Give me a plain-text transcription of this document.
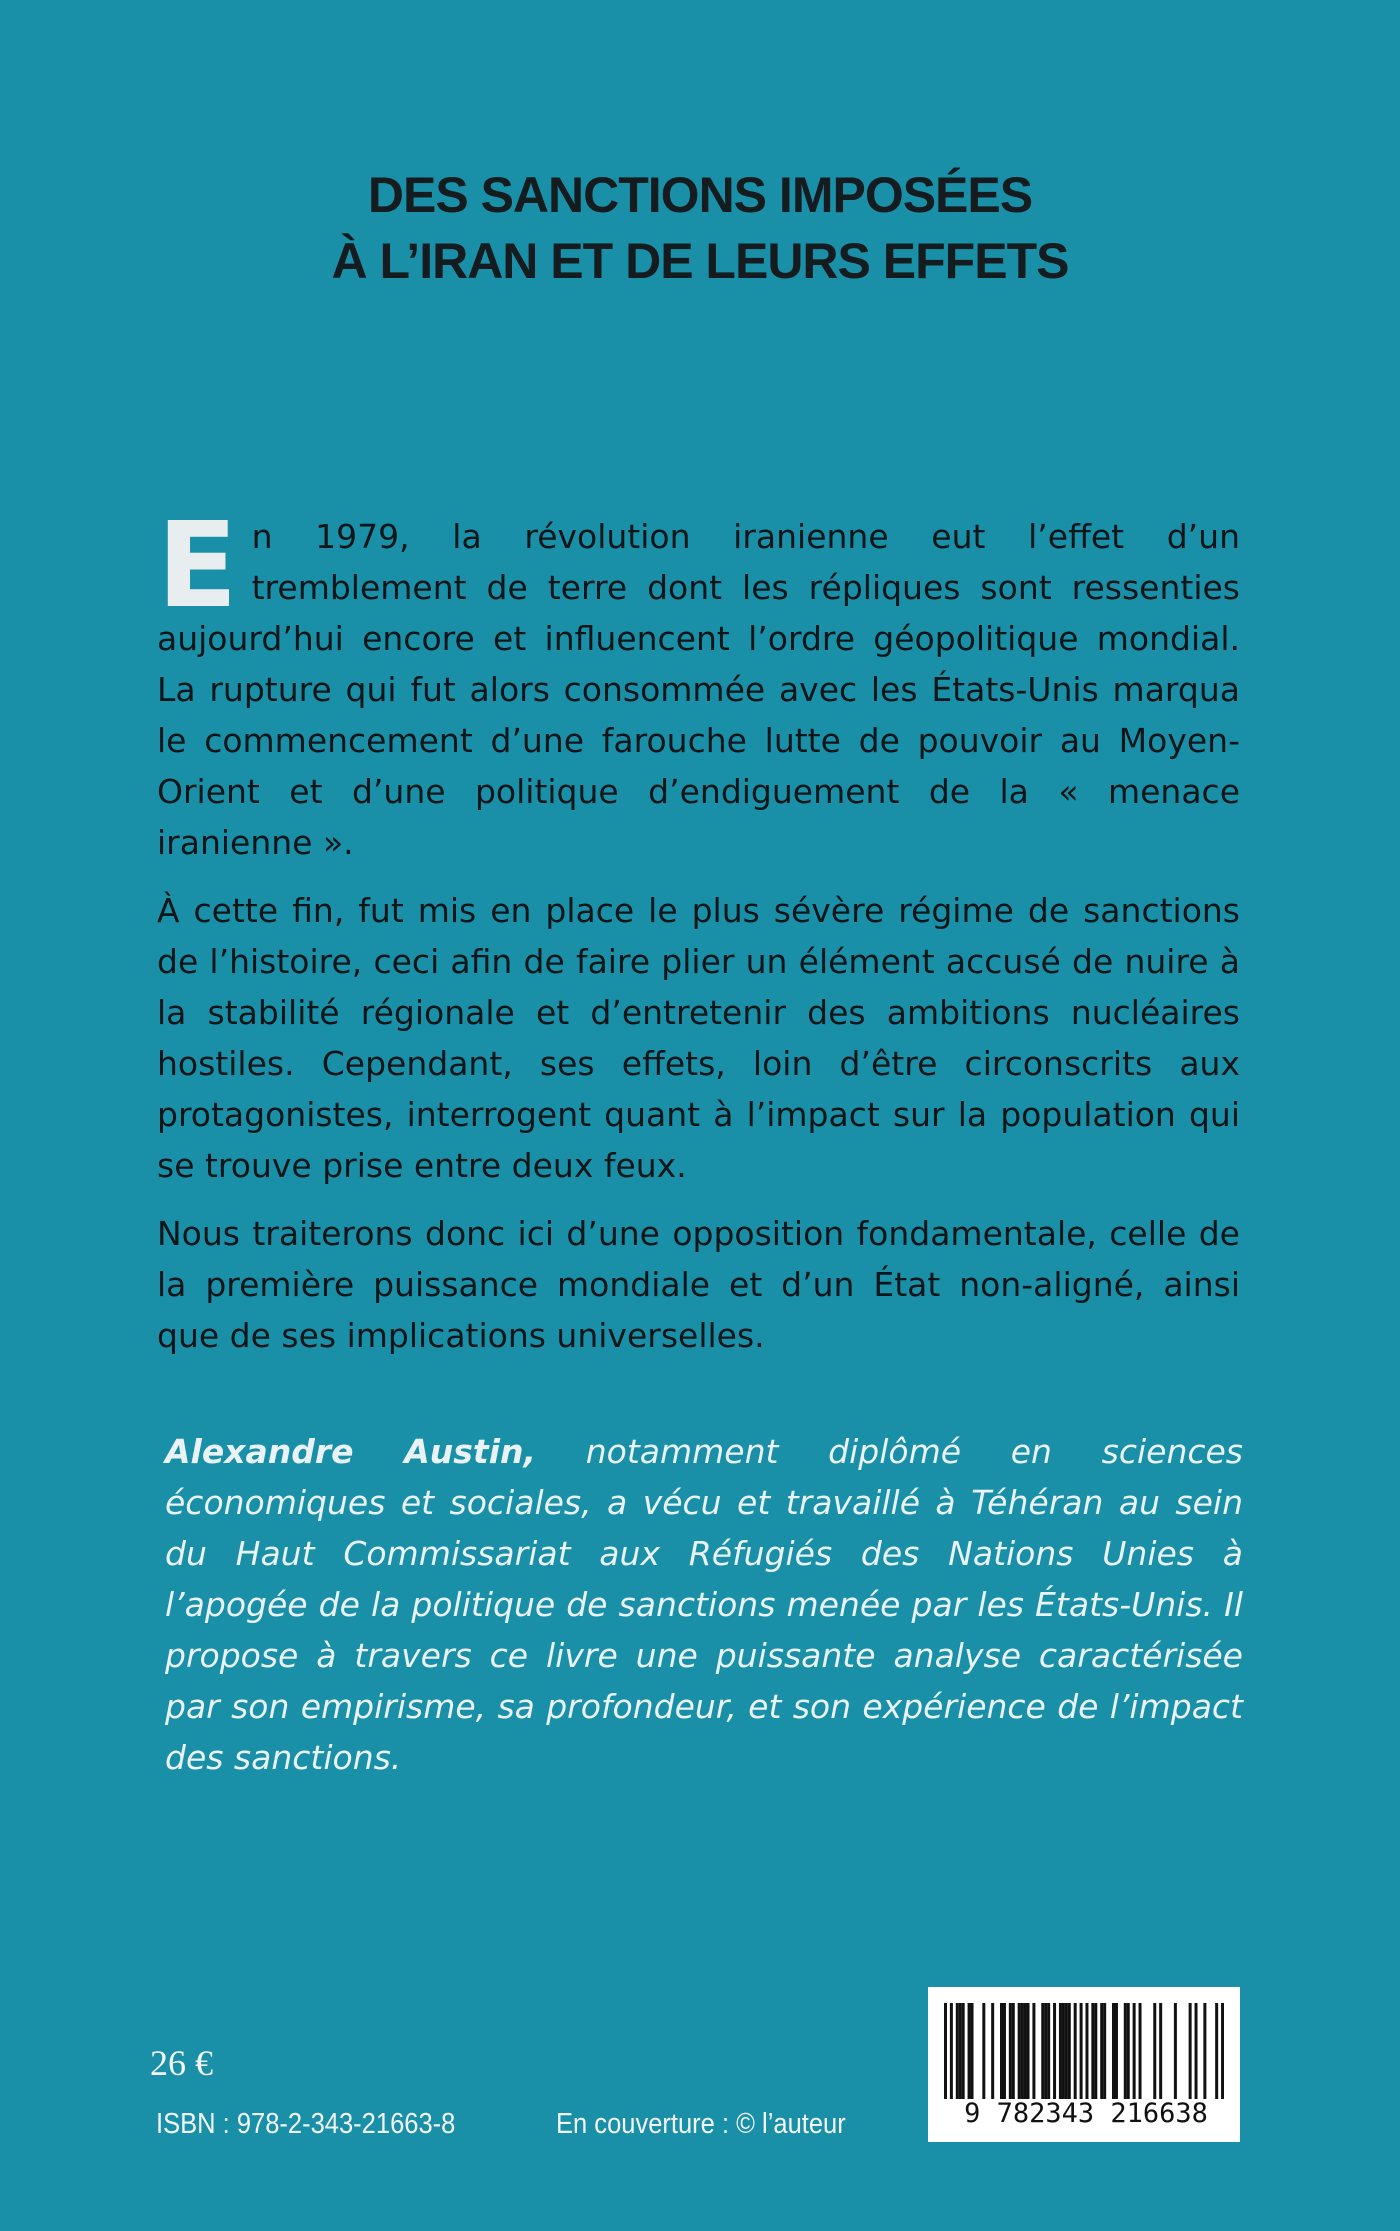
DES SANCTIONS IMPOSÉES
À L’IRAN ET DE LEURS EFFETS

En 1979, la révolution iranienne eut l’effet d’un tremblement de terre dont les répliques sont ressenties aujourd’hui encore et influencent l’ordre géopolitique mondial. La rupture qui fut alors consommée avec les États-Unis marqua le commencement d’une farouche lutte de pouvoir au Moyen-Orient et d’une politique d’endiguement de la « menace iranienne ».

À cette fin, fut mis en place le plus sévère régime de sanctions de l’histoire, ceci afin de faire plier un élément accusé de nuire à la stabilité régionale et d’entretenir des ambitions nucléaires hostiles. Cependant, ses effets, loin d’être circonscrits aux protagonistes, interrogent quant à l’impact sur la population qui se trouve prise entre deux feux.

Nous traiterons donc ici d’une opposition fondamentale, celle de la première puissance mondiale et d’un État non-aligné, ainsi que de ses implications universelles.

Alexandre Austin, notamment diplômé en sciences économiques et sociales, a vécu et travaillé à Téhéran au sein du Haut Commissariat aux Réfugiés des Nations Unies à l’apogée de la politique de sanctions menée par les États-Unis. Il propose à travers ce livre une puissante analyse caractérisée par son empirisme, sa profondeur, et son expérience de l’impact des sanctions.

26 €

ISBN : 978-2-343-21663-8	En couverture : © l’auteur	9 782343 216638
